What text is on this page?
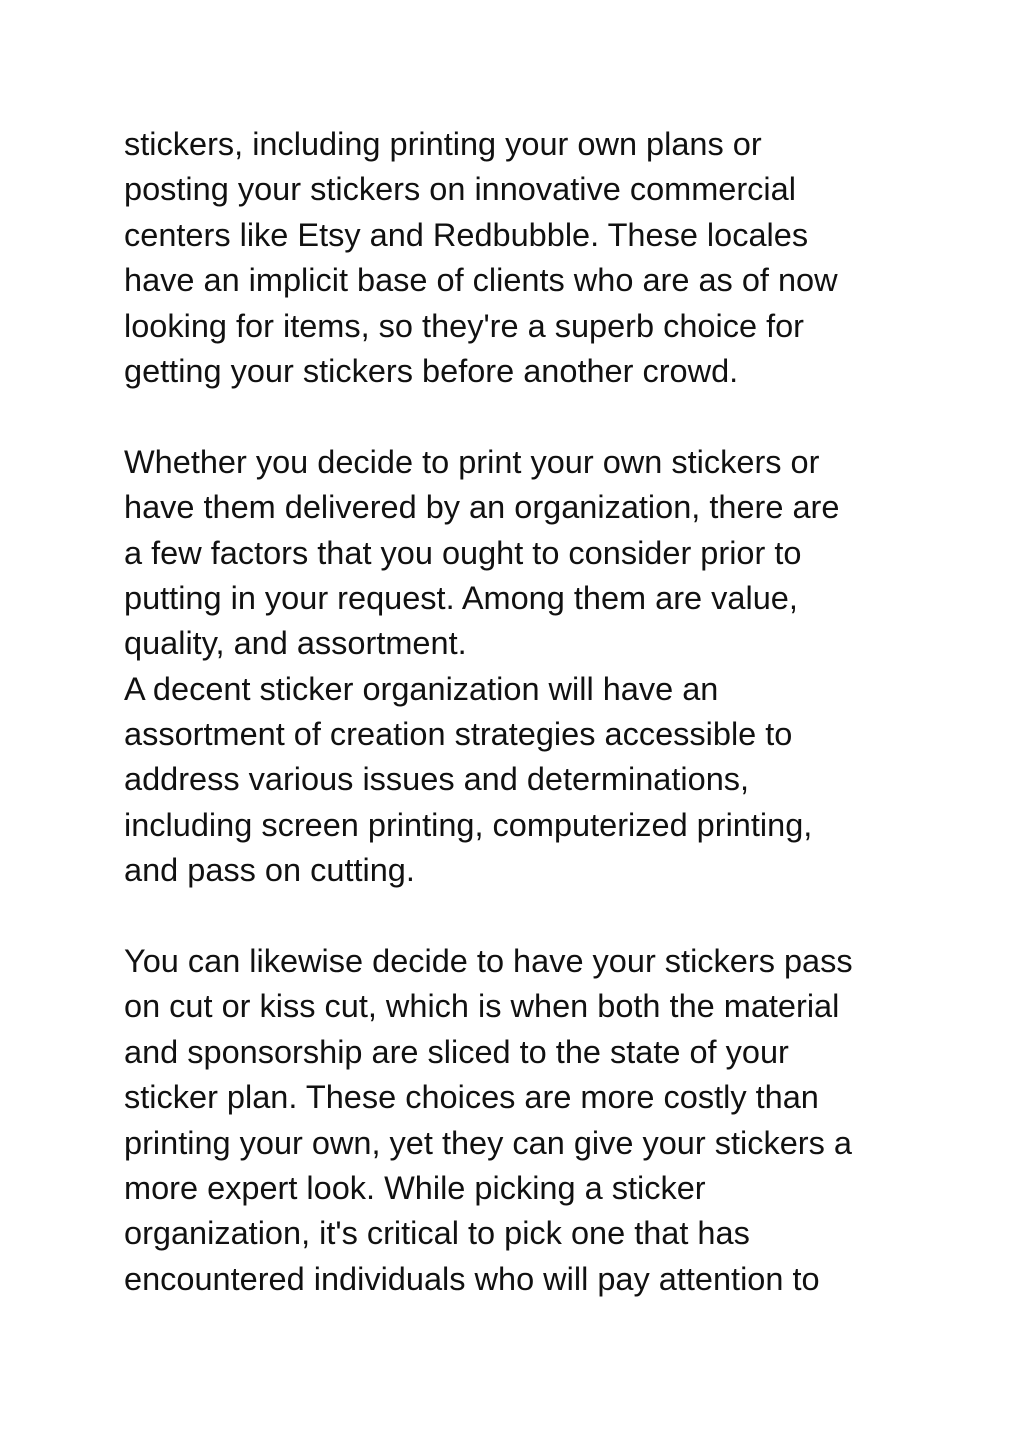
stickers, including printing your own plans or
posting your stickers on innovative commercial
centers like Etsy and Redbubble. These locales
have an implicit base of clients who are as of now
looking for items, so they're a superb choice for
getting your stickers before another crowd.
Whether you decide to print your own stickers or
have them delivered by an organization, there are
a few factors that you ought to consider prior to
putting in your request. Among them are value,
quality, and assortment.
A decent sticker organization will have an
assortment of creation strategies accessible to
address various issues and determinations,
including screen printing, computerized printing,
and pass on cutting.
You can likewise decide to have your stickers pass
on cut or kiss cut, which is when both the material
and sponsorship are sliced to the state of your
sticker plan. These choices are more costly than
printing your own, yet they can give your stickers a
more expert look. While picking a sticker
organization, it's critical to pick one that has
encountered individuals who will pay attention to
